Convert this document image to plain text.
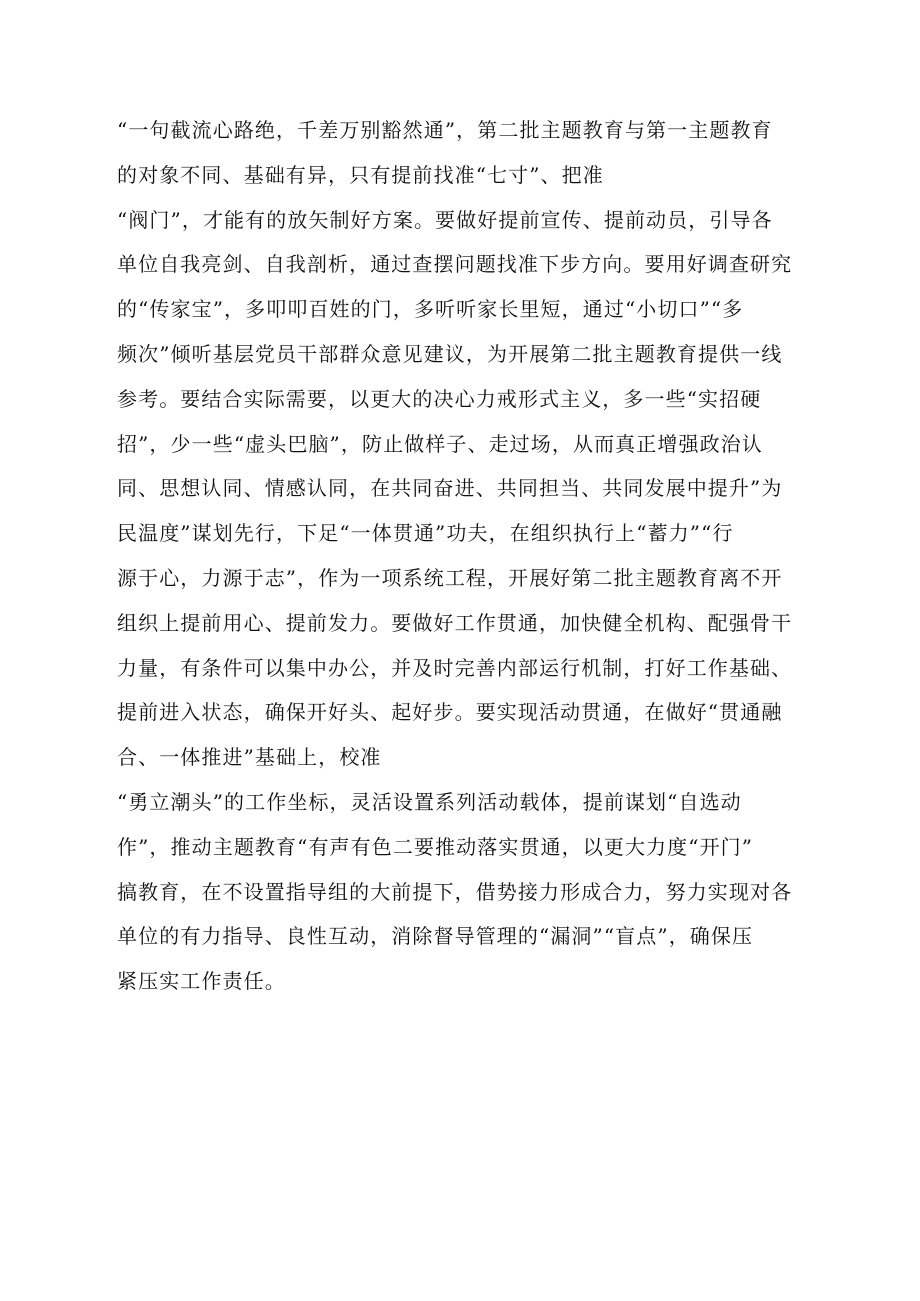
“一句截流心路绝，千差万别豁然通”，第二批主题教育与第一主题教育
的对象不同、基础有异，只有提前找准“七寸”、把准
“阀门”，才能有的放矢制好方案。要做好提前宣传、提前动员，引导各
单位自我亮剑、自我剖析，通过查摆问题找准下步方向。要用好调查研究
的“传家宝”，多叩叩百姓的门，多听听家长里短，通过“小切口”“多
频次”倾听基层党员干部群众意见建议，为开展第二批主题教育提供一线
参考。要结合实际需要，以更大的决心力戒形式主义，多一些“实招硬
招”，少一些“虚头巴脑”，防止做样子、走过场，从而真正增强政治认
同、思想认同、情感认同，在共同奋进、共同担当、共同发展中提升”为
民温度”谋划先行，下足“一体贯通”功夫，在组织执行上“蓄力”“行
源于心，力源于志”，作为一项系统工程，开展好第二批主题教育离不开
组织上提前用心、提前发力。要做好工作贯通，加快健全机构、配强骨干
力量，有条件可以集中办公，并及时完善内部运行机制，打好工作基础、
提前进入状态，确保开好头、起好步。要实现活动贯通，在做好“贯通融
合、一体推进”基础上，校准
“勇立潮头”的工作坐标，灵活设置系列活动载体，提前谋划“自选动
作”，推动主题教育“有声有色二要推动落实贯通，以更大力度“开门”
搞教育，在不设置指导组的大前提下，借势接力形成合力，努力实现对各
单位的有力指导、良性互动，消除督导管理的“漏洞”“盲点”，确保压
紧压实工作责任。
